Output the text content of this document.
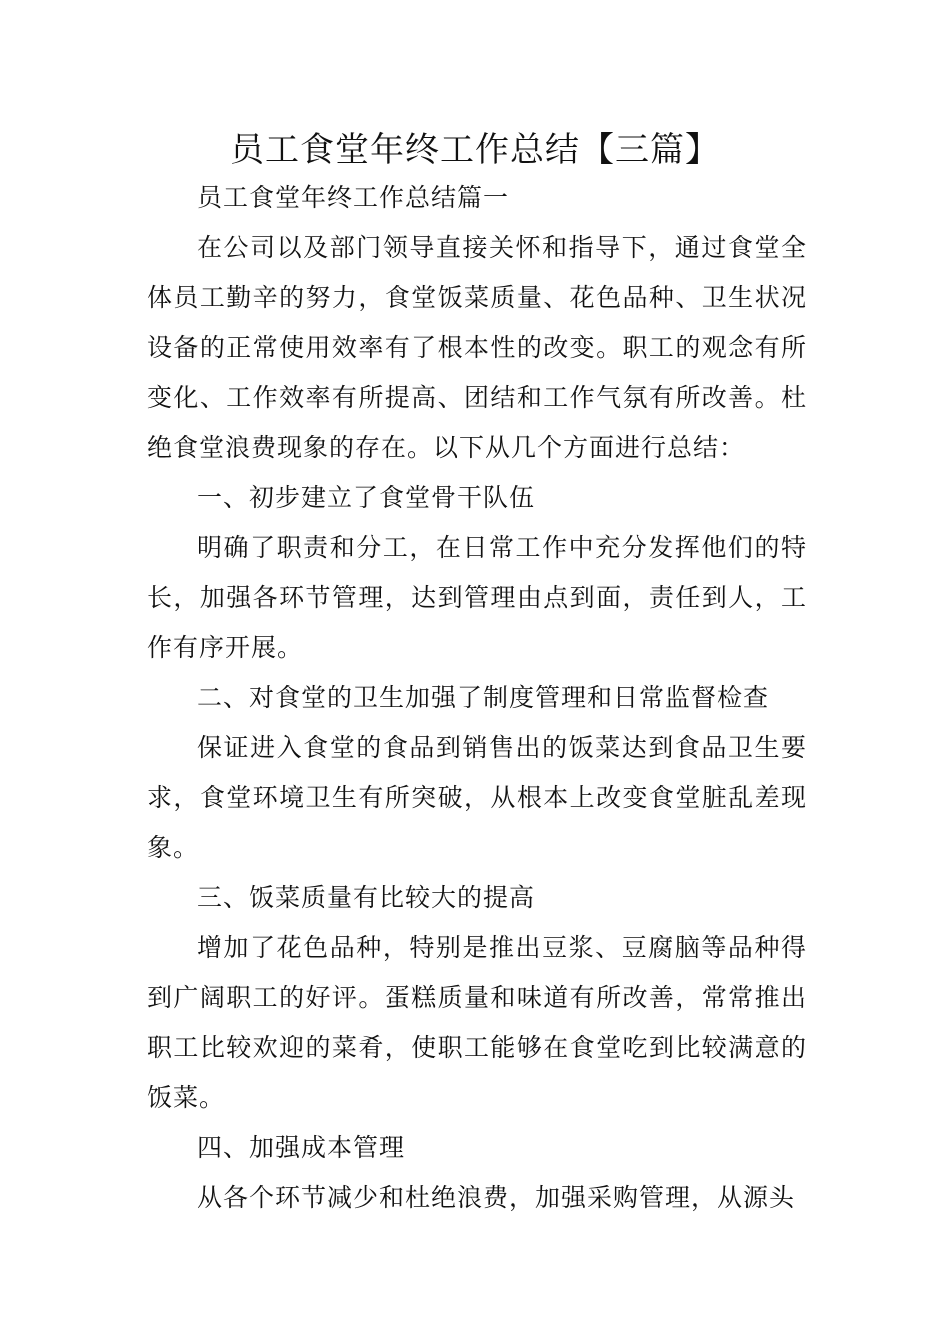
员工食堂年终工作总结【三篇】

员工食堂年终工作总结篇一

在公司以及部门领导直接关怀和指导下，通过食堂全体员工勤辛的努力，食堂饭菜质量、花色品种、卫生状况设备的正常使用效率有了根本性的改变。职工的观念有所变化、工作效率有所提高、团结和工作气氛有所改善。杜绝食堂浪费现象的存在。以下从几个方面进行总结：

一、初步建立了食堂骨干队伍

明确了职责和分工，在日常工作中充分发挥他们的特长，加强各环节管理，达到管理由点到面，责任到人，工作有序开展。

二、对食堂的卫生加强了制度管理和日常监督检查

保证进入食堂的食品到销售出的饭菜达到食品卫生要求，食堂环境卫生有所突破，从根本上改变食堂脏乱差现象。

三、饭菜质量有比较大的提高

增加了花色品种，特别是推出豆浆、豆腐脑等品种得到广阔职工的好评。蛋糕质量和味道有所改善，常常推出职工比较欢迎的菜肴，使职工能够在食堂吃到比较满意的饭菜。

四、加强成本管理

从各个环节减少和杜绝浪费，加强采购管理，从源头
